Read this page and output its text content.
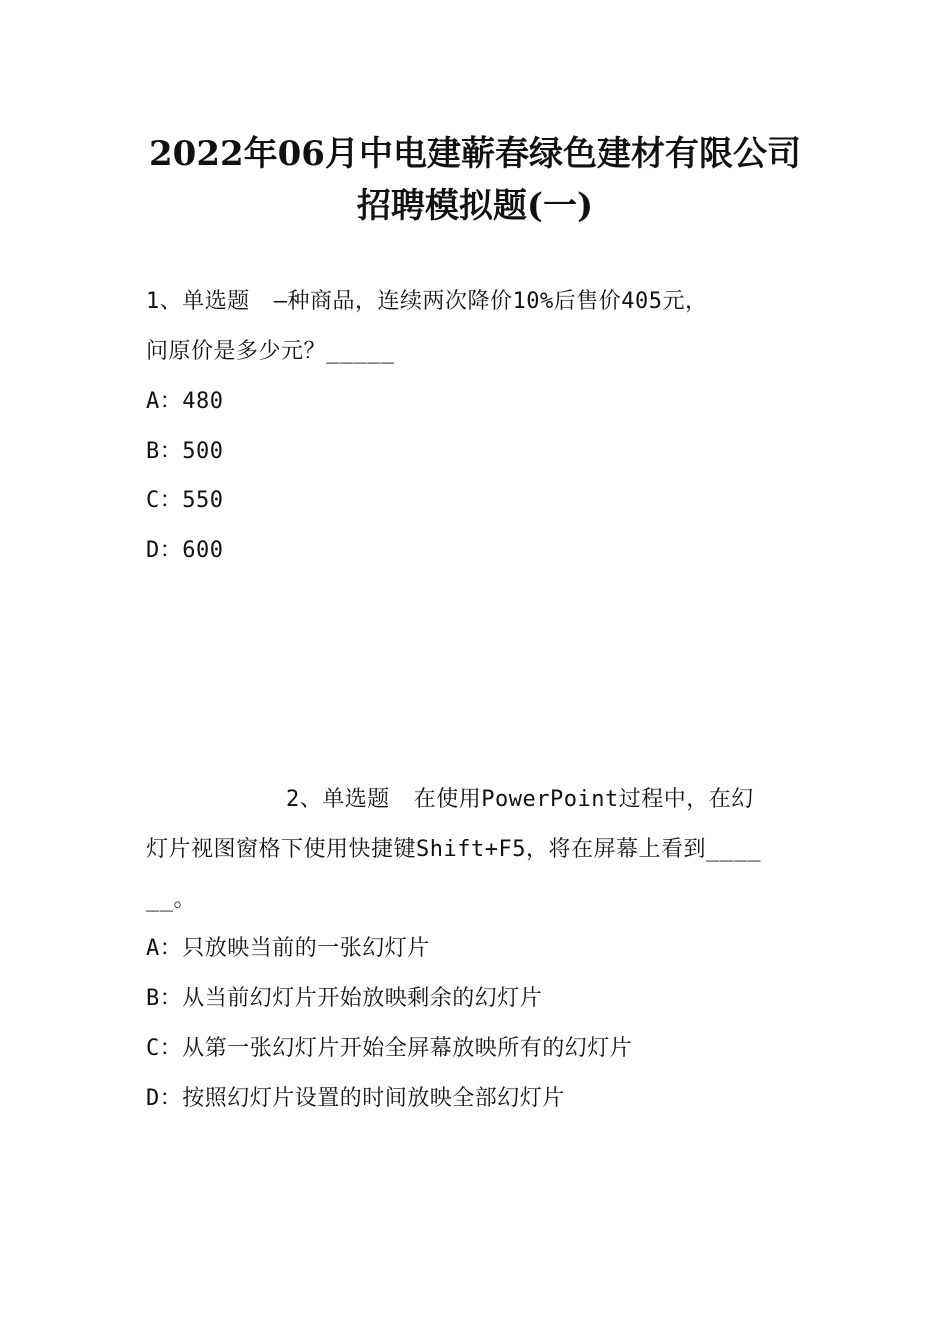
2022年06月中电建蕲春绿色建材有限公司
招聘模拟题(一)
1、单选题 —种商品，连续两次降价10%后售价405元，
问原价是多少元？_____
A：480
B：500
C：550
D：600
2、单选题 在使用PowerPoint过程中，在幻
灯片视图窗格下使用快捷键Shift+F5，将在屏幕上看到____
__。
A：只放映当前的一张幻灯片
B：从当前幻灯片开始放映剩余的幻灯片
C：从第一张幻灯片开始全屏幕放映所有的幻灯片
D：按照幻灯片设置的时间放映全部幻灯片
